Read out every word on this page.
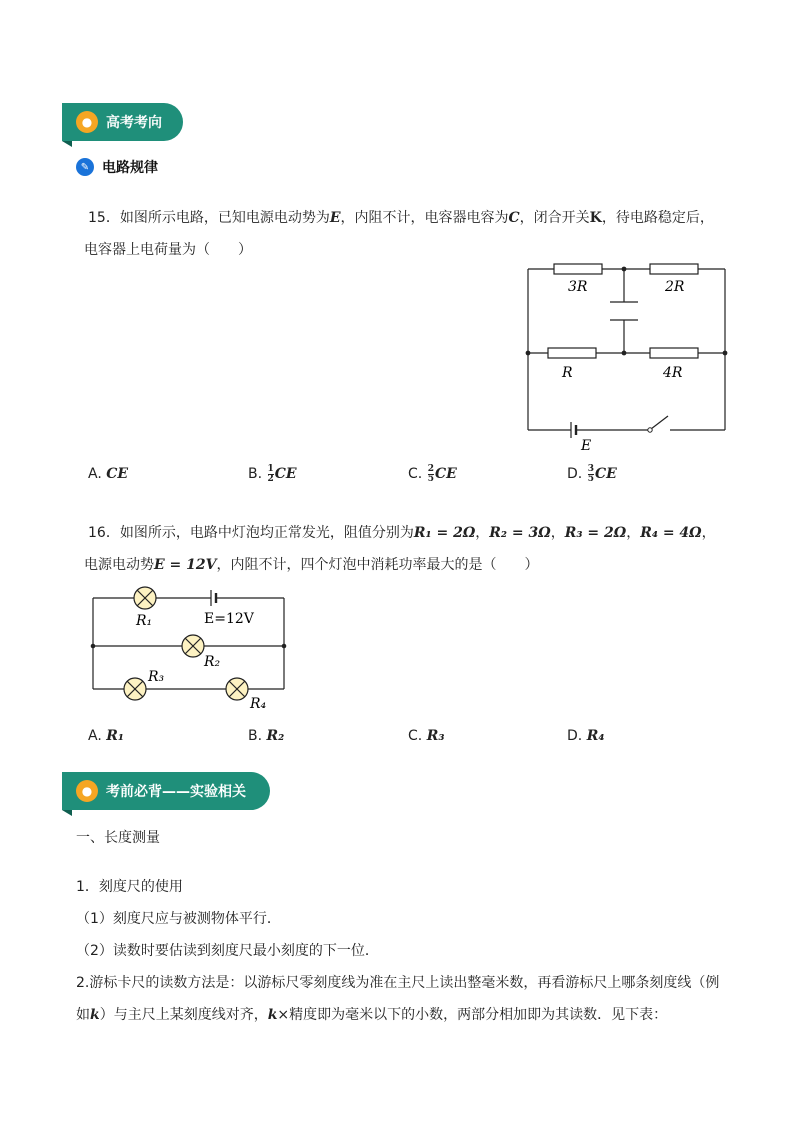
● 高考考向
✎ 电路规律
15．如图所示电路，已知电源电动势为E，内阻不计，电容器电容为C，闭合开关K，待电路稳定后，
电容器上电荷量为（　　）
3R	2R
R	4R
E
A. CE	B. $\frac{1}{2}$ CE	C. $\frac{2}{5}$ CE	D. $\frac{3}{5}$ CE
16．如图所示，电路中灯泡均正常发光，阻值分别为R₁ = 2Ω，R₂ = 3Ω，R₃ = 2Ω，R₄ = 4Ω，
电源电动势E = 12V，内阻不计，四个灯泡中消耗功率最大的是（　　）
R₁	E=12V
R₂
R₃
R₄
A. R₁	B. R₂	C. R₃	D. R₄
● 考前必背——实验相关
一、长度测量
1．刻度尺的使用
（1）刻度尺应与被测物体平行．
（2）读数时要估读到刻度尺最小刻度的下一位．
2.游标卡尺的读数方法是：以游标尺零刻度线为准在主尺上读出整毫米数，再看游标尺上哪条刻度线（例
如k）与主尺上某刻度线对齐，k×精度即为毫米以下的小数，两部分相加即为其读数．见下表：
